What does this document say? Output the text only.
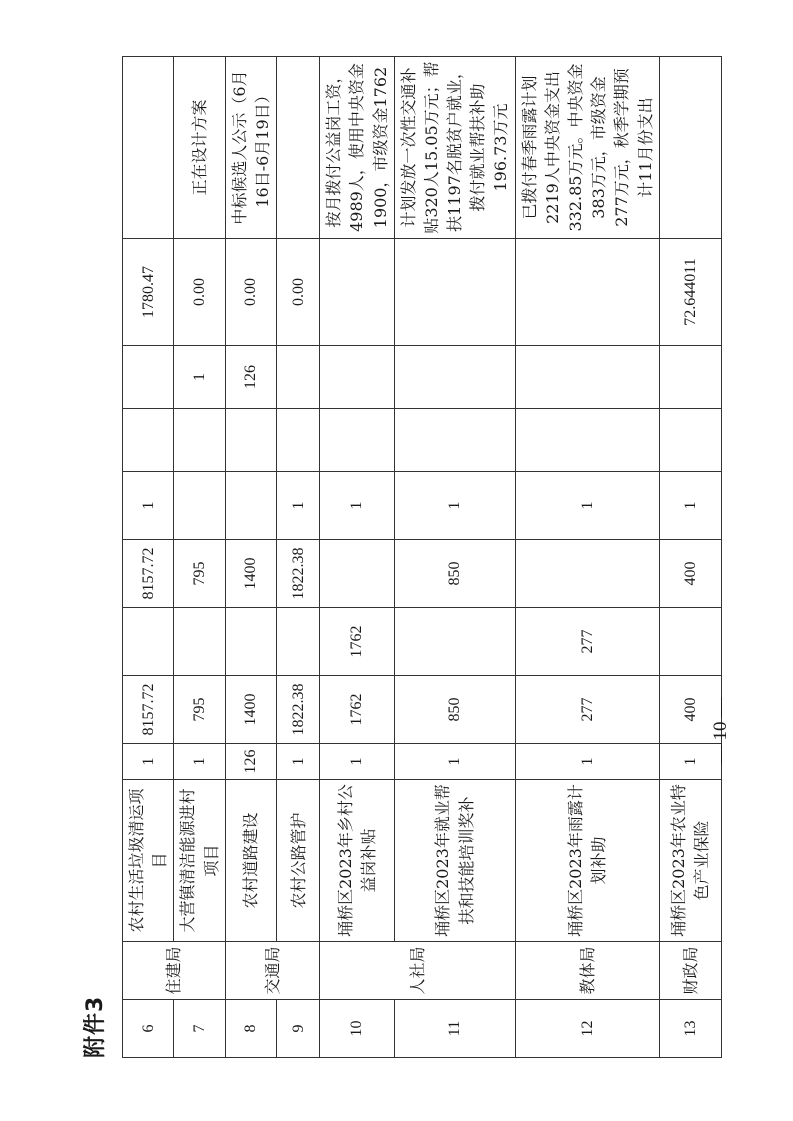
附件3 6	住建局	农村生活垃圾清运项目	1	8157.72		8157.72	1			1780.47	
7		大营镇清洁能源进村项目	1	795		795			1	0.00	正在设计方案
8	交通局	农村道路建设	126	1400		1400			126	0.00	中标候选人公示（6月16日-6月19日）
9		农村公路管护	1	1822.38		1822.38	1			0.00	
10	人社局	埇桥区2023年乡村公益岗补贴	1	1762	1762		1				按月拨付公益岗工资，4989人，使用中央资金1900，市级资金1762
11		埇桥区2023年就业帮扶和技能培训奖补	1	850		850	1				计划发放一次性交通补贴320人15.05万元；帮扶1197名脱贫户就业，拨付就业帮扶补助196.73万元
12	教体局	埇桥区2023年雨露计划补助	1	277	277		1				已拨付春季雨露计划2219人中央资金支出332.85万元。中央资金383万元，市级资金277万元，秋季学期预计11月份支出
13	财政局	埇桥区2023年农业特色产业保险	1	400		400	1			72.644011	
— 10 —
